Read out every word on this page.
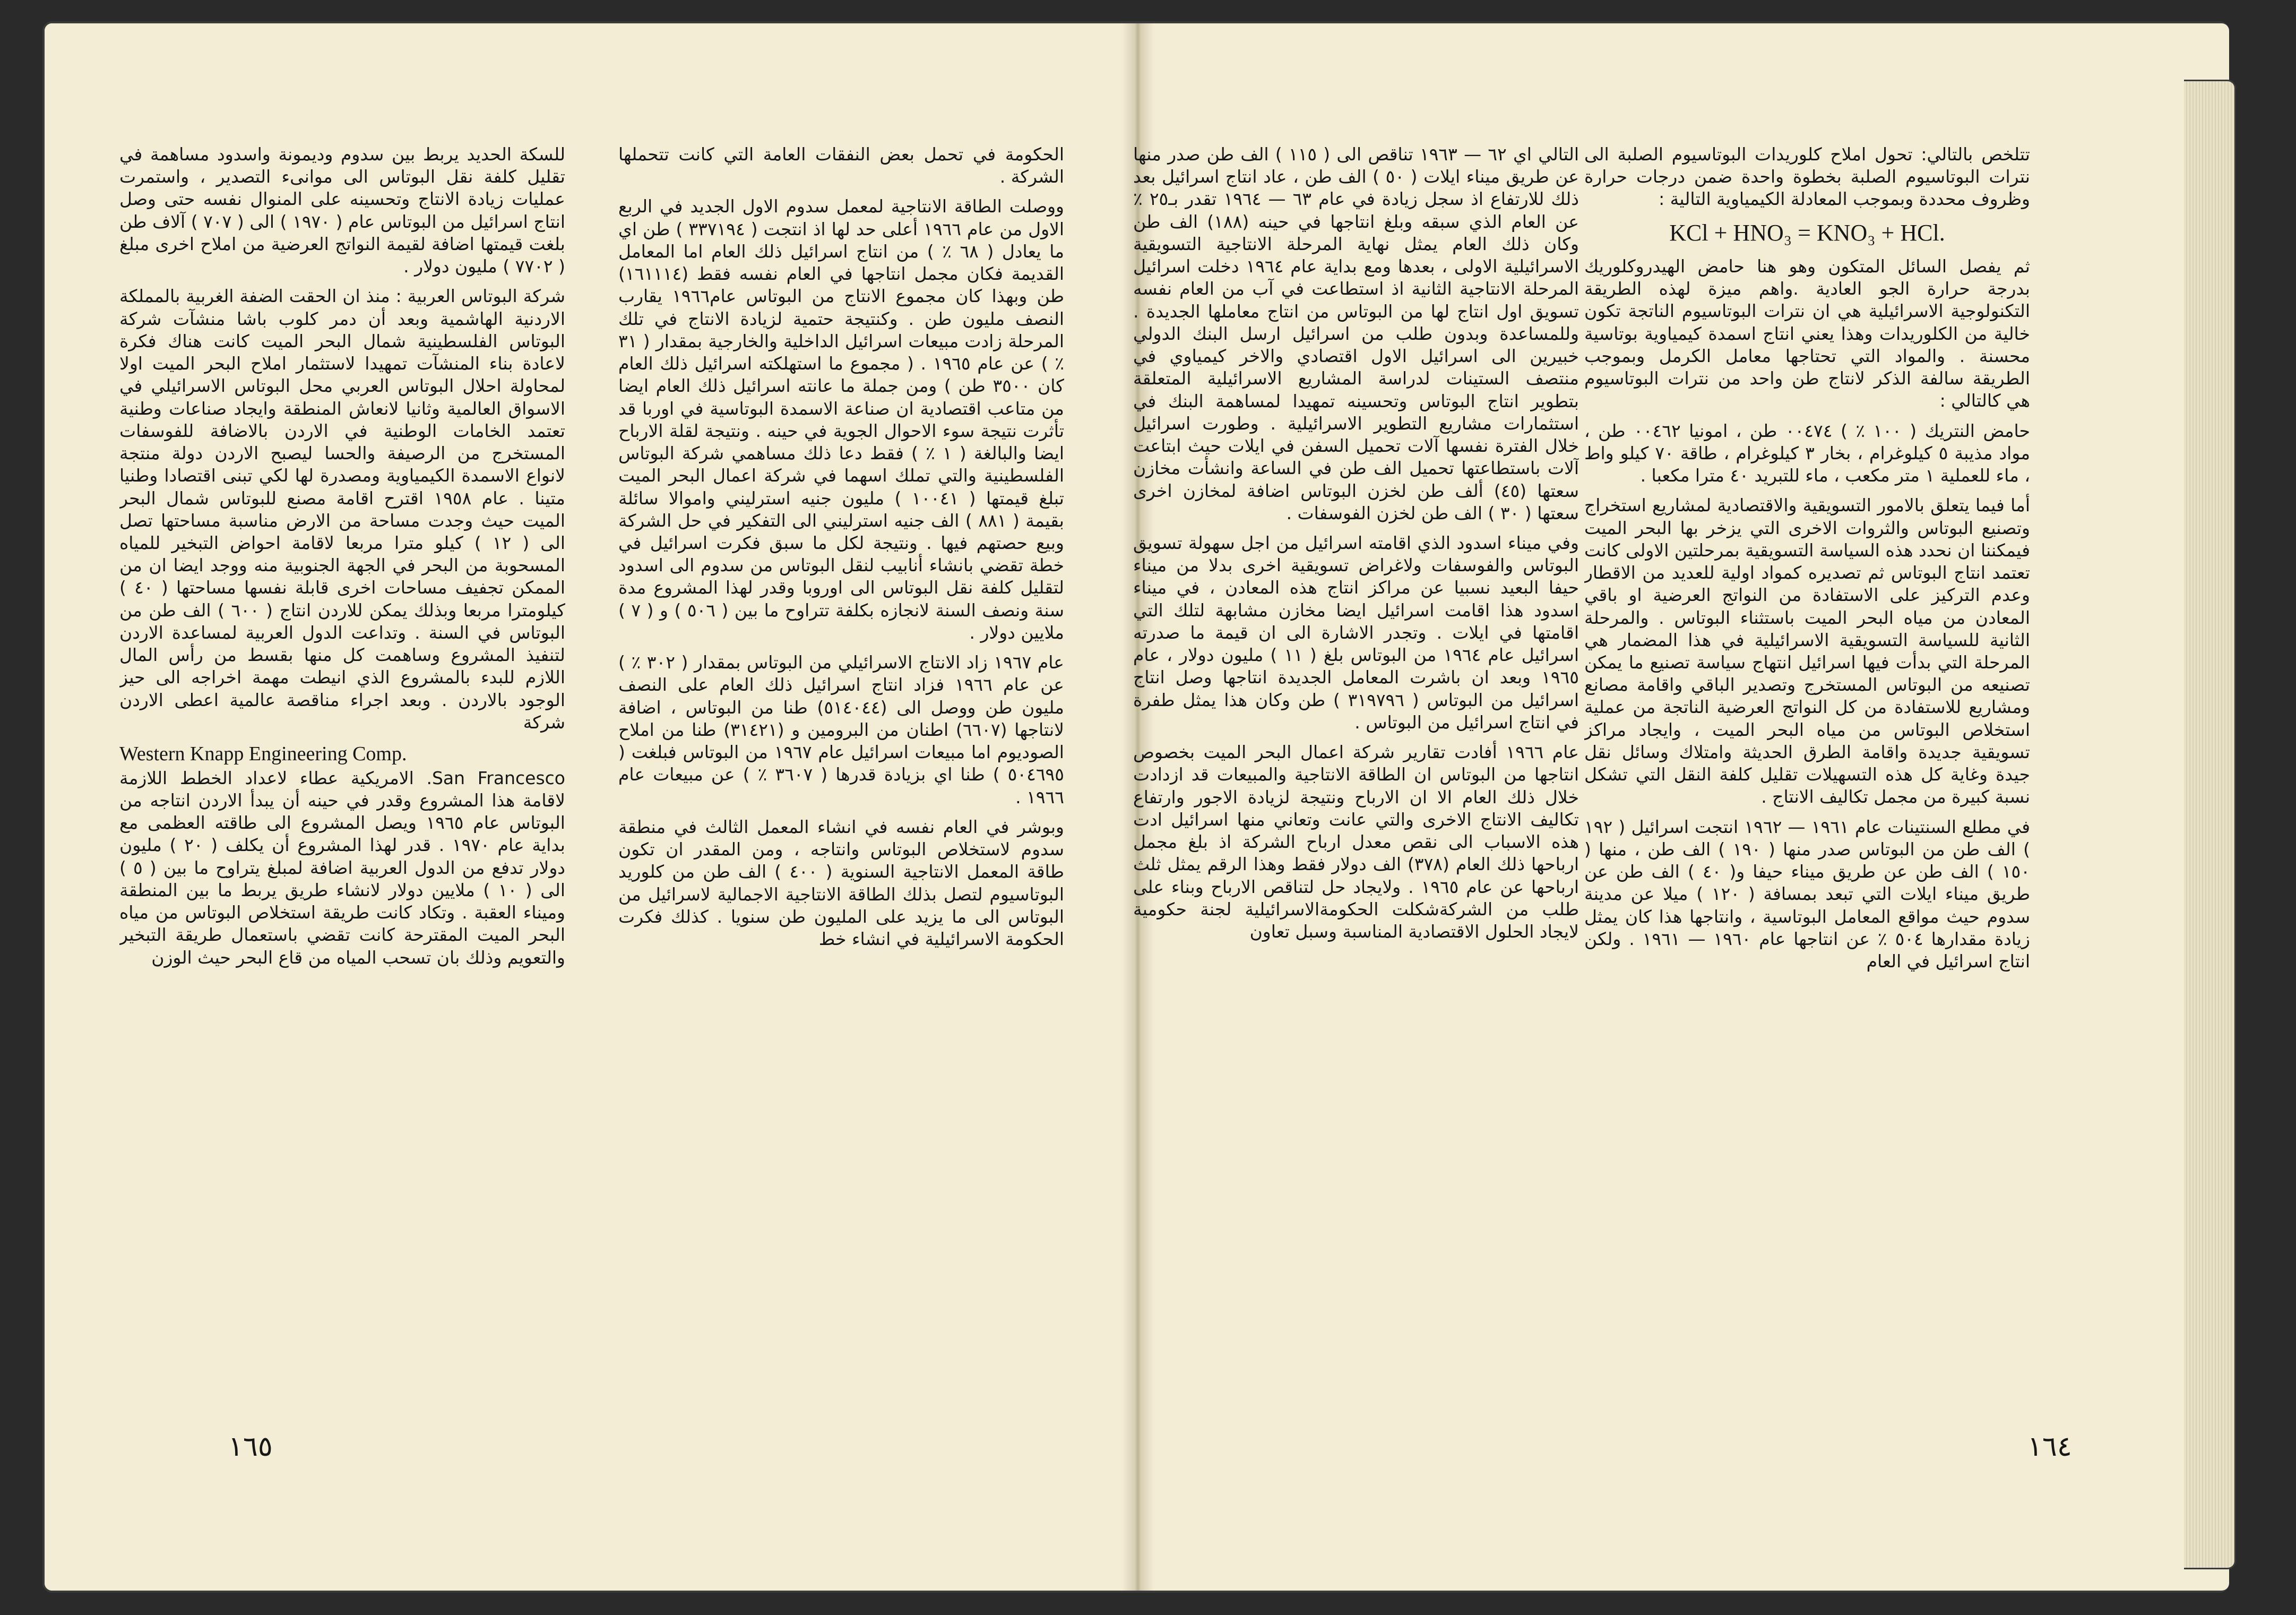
الحكومة في تحمل بعض النفقات العامة التي كانت تتحملها الشركة .

ووصلت الطاقة الانتاجية لمعمل سدوم الاول الجديد في الربع الاول من عام ١٩٦٦ أعلى حد لها اذ انتجت ( ٣٣٧١٩٤ ) طن اي ما يعادل ( ٦٨ ٪ ) من انتاج اسرائيل ذلك العام اما المعامل القديمة فكان مجمل انتاجها في العام نفسه فقط (١٦١١١٤) طن وبهذا كان مجموع الانتاج من البوتاس عام١٩٦٦ يقارب النصف مليون طن . وكنتيجة حتمية لزيادة الانتاج في تلك المرحلة زادت مبيعات اسرائيل الداخلية والخارجية بمقدار ( ٣١ ٪ ) عن عام ١٩٦٥ . ( مجموع ما استهلكته اسرائيل ذلك العام كان ٣٥٠٠ طن ) ومن جملة ما عانته اسرائيل ذلك العام ايضا من متاعب اقتصادية ان صناعة الاسمدة البوتاسية في اوربا قد تأثرت نتيجة سوء الاحوال الجوية في حينه . ونتيجة لقلة الارباح ايضا والبالغة ( ١ ٪ ) فقط دعا ذلك مساهمي شركة البوتاس الفلسطينية والتي تملك اسهما في شركة اعمال البحر الميت تبلغ قيمتها ( ١٠٠٤١ ) مليون جنيه استرليني واموالا سائلة بقيمة ( ٨٨١ ) الف جنيه استرليني الى التفكير في حل الشركة وبيع حصتهم فيها . ونتيجة لكل ما سبق فكرت اسرائيل في خطة تقضي بانشاء أنابيب لنقل البوتاس من سدوم الى اسدود لتقليل كلفة نقل البوتاس الى اوروبا وقدر لهذا المشروع مدة سنة ونصف السنة لانجازه بكلفة تتراوح ما بين ( ٥٠٦ ) و ( ٧ ) ملايين دولار .

عام ١٩٦٧ زاد الانتاج الاسرائيلي من البوتاس بمقدار ( ٣٠٢ ٪ ) عن عام ١٩٦٦ فزاد انتاج اسرائيل ذلك العام على النصف مليون طن ووصل الى (٥١٤٠٤٤) طنا من البوتاس ، اضافة لانتاجها (٦٦٠٧) اطنان من البرومين و (٣١٤٢١) طنا من املاح الصوديوم اما مبيعات اسرائيل عام ١٩٦٧ من البوتاس فبلغت ( ٥٠٤٦٩٥ ) طنا اي بزيادة قدرها ( ٣٦٠٧ ٪ ) عن مبيعات عام ١٩٦٦ .

وبوشر في العام نفسه في انشاء المعمل الثالث في منطقة سدوم لاستخلاص البوتاس وانتاجه ، ومن المقدر ان تكون طاقة المعمل الانتاجية السنوية ( ٤٠٠ ) الف طن من كلوريد البوتاسيوم لتصل بذلك الطاقة الانتاجية الاجمالية لاسرائيل من البوتاس الى ما يزيد على المليون طن سنويا . كذلك فكرت الحكومة الاسرائيلية في انشاء خط

للسكة الحديد يربط بين سدوم وديمونة واسدود مساهمة في تقليل كلفة نقل البوتاس الى موانىء التصدير ، واستمرت عمليات زيادة الانتاج وتحسينه على المنوال نفسه حتى وصل انتاج اسرائيل من البوتاس عام ( ١٩٧٠ ) الى ( ٧٠٧ ) آلاف طن بلغت قيمتها اضافة لقيمة النواتج العرضية من املاح اخرى مبلغ ( ٧٧٠٢ ) مليون دولار .

شركة البوتاس العربية : منذ ان الحقت الضفة الغربية بالمملكة الاردنية الهاشمية وبعد أن دمر كلوب باشا منشآت شركة البوتاس الفلسطينية شمال البحر الميت كانت هناك فكرة لاعادة بناء المنشآت تمهيدا لاستثمار املاح البحر الميت اولا لمحاولة احلال البوتاس العربي محل البوتاس الاسرائيلي في الاسواق العالمية وثانيا لانعاش المنطقة وايجاد صناعات وطنية تعتمد الخامات الوطنية في الاردن بالاضافة للفوسفات المستخرج من الرصيفة والحسا ليصبح الاردن دولة منتجة لانواع الاسمدة الكيمياوية ومصدرة لها لكي تبنى اقتصادا وطنيا متينا . عام ١٩٥٨ اقترح اقامة مصنع للبوتاس شمال البحر الميت حيث وجدت مساحة من الارض مناسبة مساحتها تصل الى ( ١٢ ) كيلو مترا مربعا لاقامة احواض التبخير للمياه المسحوبة من البحر في الجهة الجنوبية منه ووجد ايضا ان من الممكن تجفيف مساحات اخرى قابلة نفسها مساحتها ( ٤٠ ) كيلومترا مربعا وبذلك يمكن للاردن انتاج ( ٦٠٠ ) الف طن من البوتاس في السنة . وتداعت الدول العربية لمساعدة الاردن لتنفيذ المشروع وساهمت كل منها بقسط من رأس المال اللازم للبدء بالمشروع الذي انيطت مهمة اخراجه الى حيز الوجود بالاردن . وبعد اجراء مناقصة عالمية اعطى الاردن شركة

Western Knapp Engineering Comp.

San Francesco. الامريكية عطاء لاعداد الخطط اللازمة لاقامة هذا المشروع وقدر في حينه أن يبدأ الاردن انتاجه من البوتاس عام ١٩٦٥ ويصل المشروع الى طاقته العظمى مع بداية عام ١٩٧٠ . قدر لهذا المشروع أن يكلف ( ٢٠ ) مليون دولار تدفع من الدول العربية اضافة لمبلغ يتراوح ما بين ( ٥ ) الى ( ١٠ ) ملايين دولار لانشاء طريق يربط ما بين المنطقة وميناء العقبة . وتكاد كانت طريقة استخلاص البوتاس من مياه البحر الميت المقترحة كانت تقضي باستعمال طريقة التبخير والتعويم وذلك بان تسحب المياه من قاع البحر حيث الوزن

١٦٥

تتلخص بالتالي: تحول املاح كلوريدات البوتاسيوم الصلبة الى نترات البوتاسيوم الصلبة بخطوة واحدة ضمن درجات حرارة وظروف محددة وبموجب المعادلة الكيمياوية التالية :

KCl + HNO₃ = KNO₃ + HCl.

ثم يفصل السائل المتكون وهو هنا حامض الهيدروكلوريك بدرجة حرارة الجو العادية .واهم ميزة لهذه الطريقة التكنولوجية الاسرائيلية هي ان نترات البوتاسيوم الناتجة تكون خالية من الكلوريدات وهذا يعني انتاج اسمدة كيمياوية بوتاسية محسنة . والمواد التي تحتاجها معامل الكرمل وبموجب الطريقة سالفة الذكر لانتاج طن واحد من نترات البوتاسيوم هي كالتالي :

حامض النتريك ( ١٠٠ ٪ ) ٠٠٤٧٤ طن ، امونيا ٠٠٤٦٢ طن ، مواد مذيبة ٥ كيلوغرام ، بخار ٣ كيلوغرام ، طاقة ٧٠ كيلو واط ، ماء للعملية ١ متر مكعب ، ماء للتبريد ٤٠ مترا مكعبا .

أما فيما يتعلق بالامور التسويقية والاقتصادية لمشاريع استخراج وتصنيع البوتاس والثروات الاخرى التي يزخر بها البحر الميت فيمكننا ان نحدد هذه السياسة التسويقية بمرحلتين الاولى كانت تعتمد انتاج البوتاس ثم تصديره كمواد اولية للعديد من الاقطار وعدم التركيز على الاستفادة من النواتج العرضية او باقي المعادن من مياه البحر الميت باستثناء البوتاس . والمرحلة الثانية للسياسة التسويقية الاسرائيلية في هذا المضمار هي المرحلة التي بدأت فيها اسرائيل انتهاج سياسة تصنيع ما يمكن تصنيعه من البوتاس المستخرج وتصدير الباقي واقامة مصانع ومشاريع للاستفادة من كل النواتج العرضية الناتجة من عملية استخلاص البوتاس من مياه البحر الميت ، وايجاد مراكز تسويقية جديدة واقامة الطرق الحديثة وامتلاك وسائل نقل جيدة وغاية كل هذه التسهيلات تقليل كلفة النقل التي تشكل نسبة كبيرة من مجمل تكاليف الانتاج .

في مطلع السنتينات عام ١٩٦١ — ١٩٦٢ انتجت اسرائيل ( ١٩٢ ) الف طن من البوتاس صدر منها ( ١٩٠ ) الف طن ، منها ( ١٥٠ ) الف طن عن طريق ميناء حيفا و( ٤٠ ) الف طن عن طريق ميناء ايلات التي تبعد بمسافة ( ١٢٠ ) ميلا عن مدينة سدوم حيث مواقع المعامل البوتاسية ، وانتاجها هذا كان يمثل زيادة مقدارها ٥٠٤ ٪ عن انتاجها عام ١٩٦٠ — ١٩٦١ . ولكن انتاج اسرائيل في العام

التالي اي ٦٢ — ١٩٦٣ تناقص الى ( ١١٥ ) الف طن صدر منها عن طريق ميناء ايلات ( ٥٠ ) الف طن ، عاد انتاج اسرائيل بعد ذلك للارتفاع اذ سجل زيادة في عام ٦٣ — ١٩٦٤ تقدر بـ٢٥ ٪ عن العام الذي سبقه وبلغ انتاجها في حينه (١٨٨) الف طن وكان ذلك العام يمثل نهاية المرحلة الانتاجية التسويقية الاسرائيلية الاولى ، بعدها ومع بداية عام ١٩٦٤ دخلت اسرائيل المرحلة الانتاجية الثانية اذ استطاعت في آب من العام نفسه تسويق اول انتاج لها من البوتاس من انتاج معاملها الجديدة . وللمساعدة وبدون طلب من اسرائيل ارسل البنك الدولي خبيرين الى اسرائيل الاول اقتصادي والاخر كيمياوي في منتصف الستينات لدراسة المشاريع الاسرائيلية المتعلقة بتطوير انتاج البوتاس وتحسينه تمهيدا لمساهمة البنك في استثمارات مشاريع التطوير الاسرائيلية . وطورت اسرائيل خلال الفترة نفسها آلات تحميل السفن في ايلات حيث ابتاعت آلات باستطاعتها تحميل الف طن في الساعة وانشأت مخازن سعتها (٤٥) ألف طن لخزن البوتاس اضافة لمخازن اخرى سعتها ( ٣٠ ) الف طن لخزن الفوسفات .

وفي ميناء اسدود الذي اقامته اسرائيل من اجل سهولة تسويق البوتاس والفوسفات ولاغراض تسويقية اخرى بدلا من ميناء حيفا البعيد نسبيا عن مراكز انتاج هذه المعادن ، في ميناء اسدود هذا اقامت اسرائيل ايضا مخازن مشابهة لتلك التي اقامتها في ايلات . وتجدر الاشارة الى ان قيمة ما صدرته اسرائيل عام ١٩٦٤ من البوتاس بلغ ( ١١ ) مليون دولار ، عام ١٩٦٥ وبعد ان باشرت المعامل الجديدة انتاجها وصل انتاج اسرائيل من البوتاس ( ٣١٩٧٩٦ ) طن وكان هذا يمثل طفرة في انتاج اسرائيل من البوتاس .

عام ١٩٦٦ أفادت تقارير شركة اعمال البحر الميت بخصوص انتاجها من البوتاس ان الطاقة الانتاجية والمبيعات قد ازدادت خلال ذلك العام الا ان الارباح ونتيجة لزيادة الاجور وارتفاع تكاليف الانتاج الاخرى والتي عانت وتعاني منها اسرائيل ادت هذه الاسباب الى نقص معدل ارباح الشركة اذ بلغ مجمل ارباحها ذلك العام (٣٧٨) الف دولار فقط وهذا الرقم يمثل ثلث ارباحها عن عام ١٩٦٥ . ولايجاد حل لتناقص الارباح وبناء على طلب من الشركةشكلت الحكومةالاسرائيلية لجنة حكومية لايجاد الحلول الاقتصادية المناسبة وسبل تعاون

١٦٤
